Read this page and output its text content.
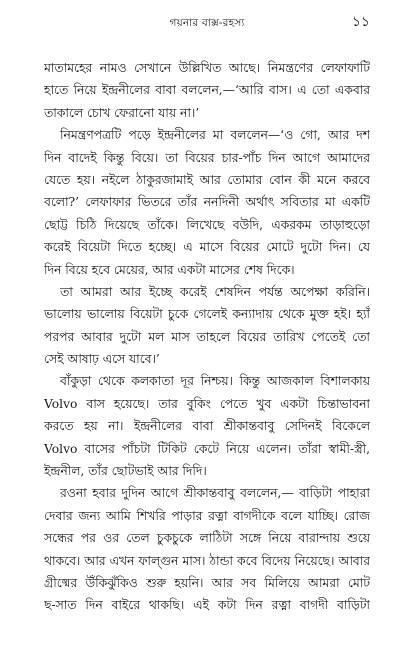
গয়নার বাক্স-রহস্য	১১
মাতামহের নামও সেখানে উল্লিখিত আছে। নিমন্ত্রণের লেফাফাটি
হাতে নিয়ে ইন্দ্রনীলের বাবা বললেন,—‘আরি বাস। এ তো একবার
তাকালে চোখ ফেরানো যায় না।’
নিমন্ত্রণপত্রটি পড়ে ইন্দ্রনীলের মা বললেন—‘ও গো, আর দশ
দিন বাদেই কিন্তু বিয়ে। তা বিয়ের চার-পাঁচ দিন আগে আমাদের
যেতে হয়। নইলে ঠাকুরজামাই আর তোমার বোন কী মনে করবে
বলো?’ লেফাফার ভিতরে তাঁর ননদিনী অর্থাৎ সবিতার মা একটি
ছোট্ট চিঠি দিয়েছে তাঁকে। লিখেছে বউদি, একরকম তাড়াহুড়ো
করেই বিয়েটা দিতে হচ্ছে। এ মাসে বিয়ের মোটে দুটো দিন। যে
দিন বিয়ে হবে মেয়ের, আর একটা মাসের শেষ দিকে।
তা আমরা আর ইচ্ছে করেই শেষদিন পর্যন্ত অপেক্ষা করিনি।
ভালোয় ভালোয় বিয়েটা চুকে গেলেই কন্যাদায় থেকে মুক্ত হই। হ্যাঁ
পরপর আবার দুটো মল মাস তাহলে বিয়ের তারিখ পেতেই তো
সেই আষাঢ় এসে যাবে।’
বাঁকুড়া থেকে কলকাতা দূর নিশ্চয়। কিন্তু আজকাল বিশালকায়
Volvo বাস হয়েছে। তার বুকিং পেতে খুব একটা চিন্তাভাবনা
করতে হয় না। ইন্দ্রনীলের বাবা শ্রীকান্তবাবু সেদিনই বিকেলে
Volvo বাসের পাঁচটা টিকিট কেটে নিয়ে এলেন। তাঁরা স্বামী-স্ত্রী,
ইন্দ্রনীল, তাঁর ছোটভাই আর দিদি।
রওনা হবার দুদিন আগে শ্রীকান্তবাবু বললেন,— বাড়িটা পাহারা
দেবার জন্য আমি শিখরি পাড়ার রত্না বাগদীকে বলে যাচ্ছি। রোজ
সন্ধের পর ওর তেল চুকচুকে লাঠিটা সঙ্গে নিয়ে বারান্দায় শুয়ে
থাকবে। আর এখন ফাল্গুন মাস। ঠান্ডা কবে বিদেয় নিয়েছে। আবার
গ্রীষ্মের উঁকিঝুঁকিও শুরু হয়নি। আর সব মিলিয়ে আমরা মোট
ছ-সাত দিন বাইরে থাকছি। এই কটা দিন রত্না বাগদী বাড়িটা
